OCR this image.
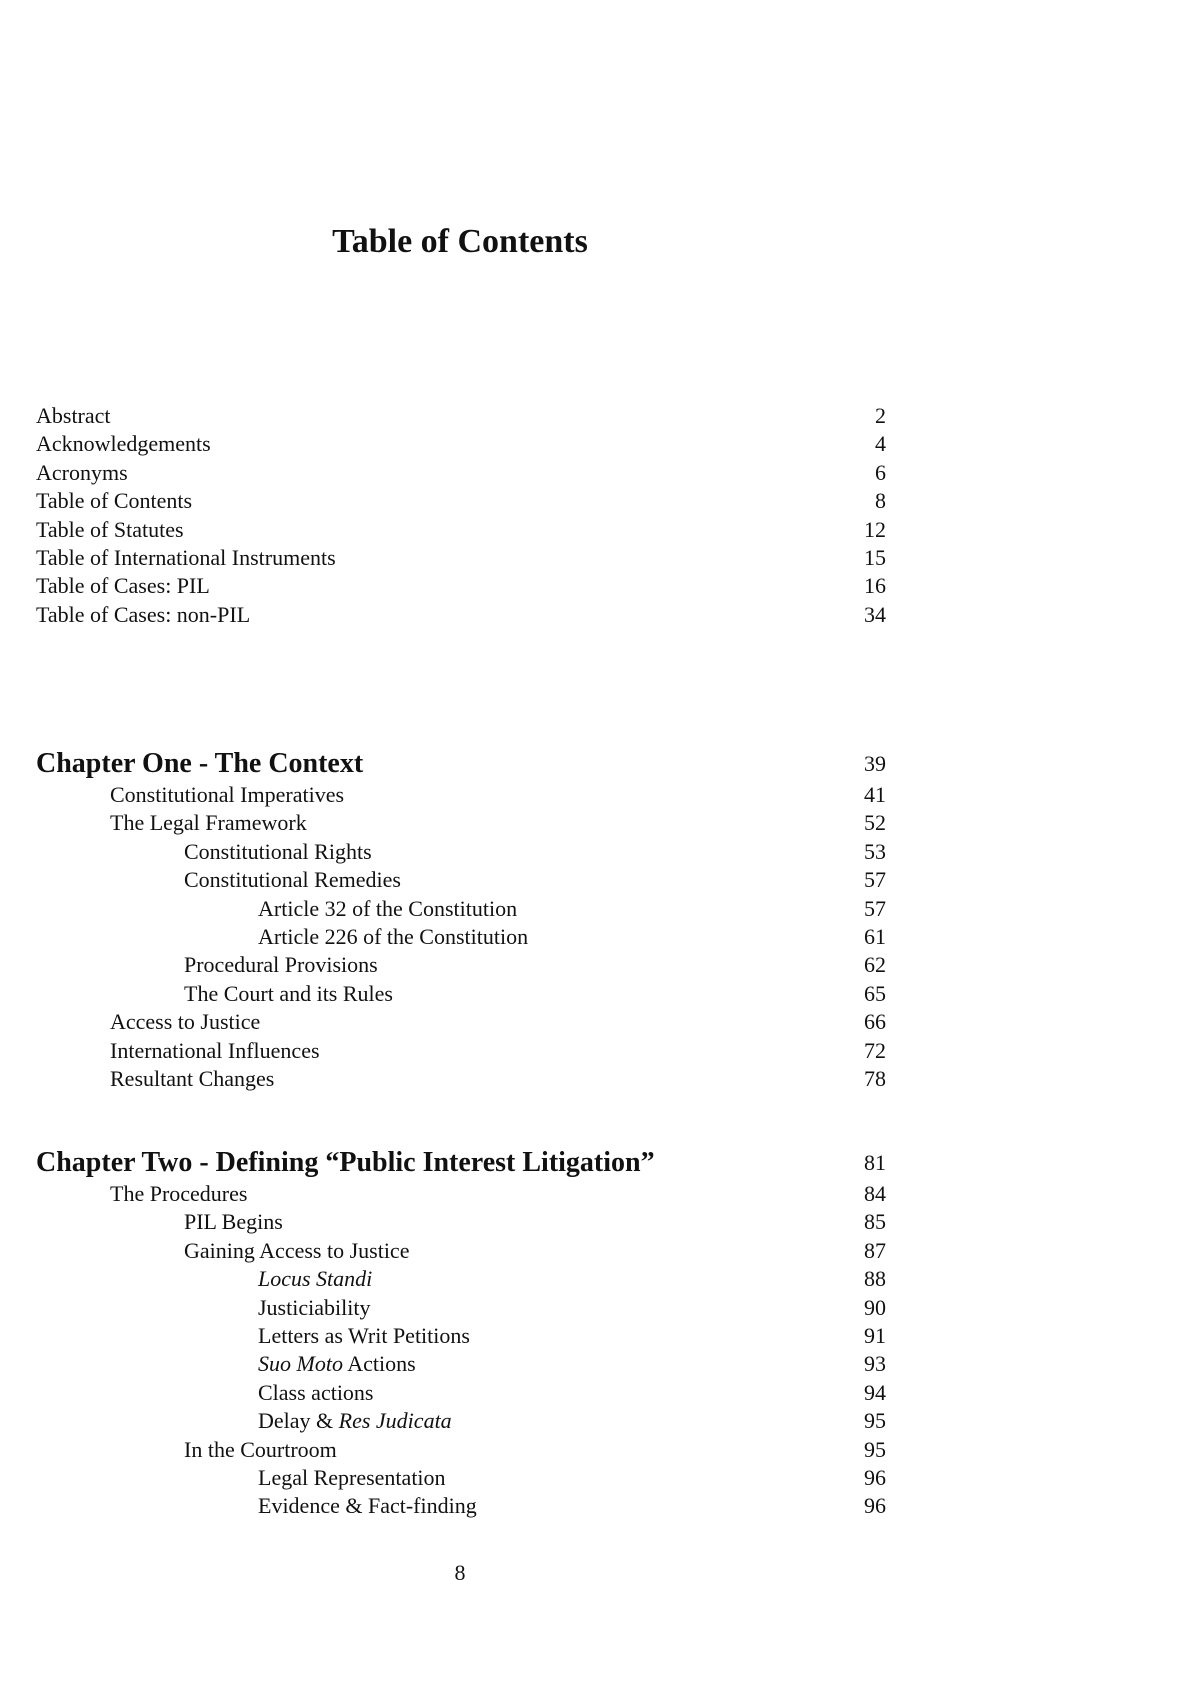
Table of Contents
Abstract	2
Acknowledgements	4
Acronyms	6
Table of Contents	8
Table of Statutes	12
Table of International Instruments	15
Table of Cases: PIL	16
Table of Cases: non-PIL	34
Chapter One - The Context	39
Constitutional Imperatives	41
The Legal Framework	52
Constitutional Rights	53
Constitutional Remedies	57
Article 32 of the Constitution	57
Article 226 of the Constitution	61
Procedural Provisions	62
The Court and its Rules	65
Access to Justice	66
International Influences	72
Resultant Changes	78
Chapter Two - Defining “Public Interest Litigation”	81
The Procedures	84
PIL Begins	85
Gaining Access to Justice	87
Locus Standi	88
Justiciability	90
Letters as Writ Petitions	91
Suo Moto Actions	93
Class actions	94
Delay & Res Judicata	95
In the Courtroom	95
Legal Representation	96
Evidence & Fact-finding	96
8
